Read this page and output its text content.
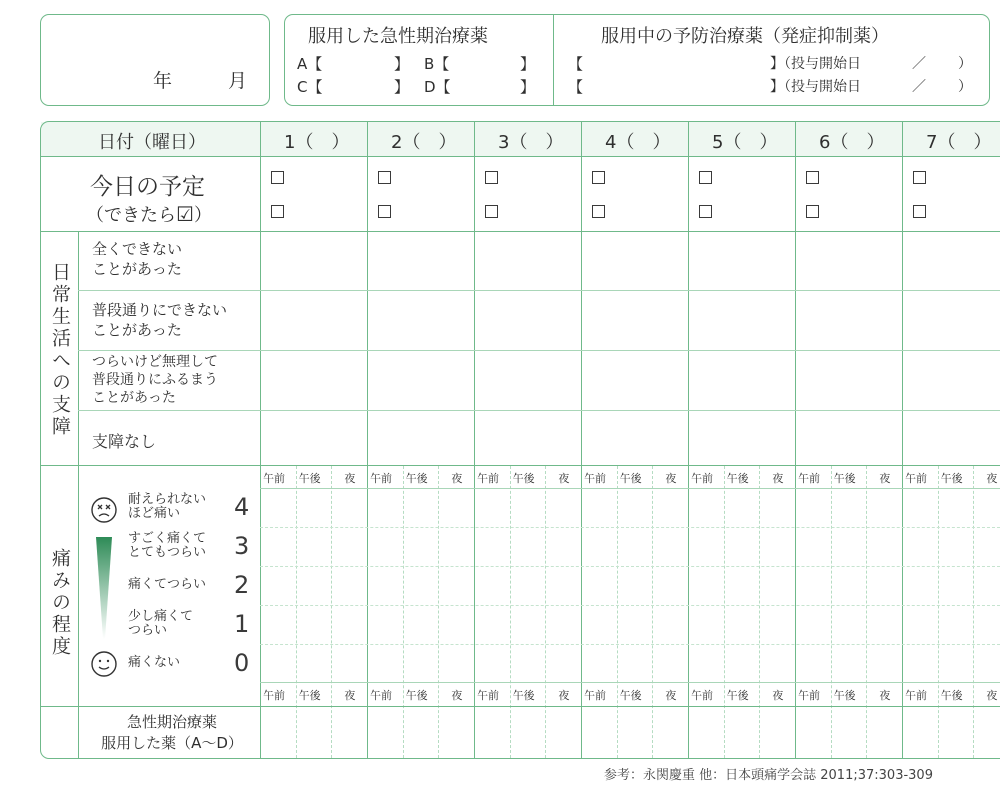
年	月
服用した急性期治療薬
A【	】 B【	】
C【	】 D【	】
服用中の予防治療薬（発症抑制薬）
【	】（投与開始日	／ ）
【	】（投与開始日	／ ）
日付（曜日）	1（　） 2（　） 3（　） 4（　） 5（　） 6（　） 7（　）
今日の予定
（できたら☑）
日常生活への支障
全くできない
ことがあった
普段通りにできない
ことがあった
つらいけど無理して
普段通りにふるまう
ことがあった
支障なし
痛みの程度
耐えられない
ほど痛い	4
すごく痛くて
とてもつらい 3
痛くてつらい 2
少し痛くて
つらい	1
痛くない 0
午前 午後 夜 午前 午後 夜 午前 午後 夜 午前 午後 夜 午前 午後 夜 午前 午後 夜 午前 午後 夜
午前 午後 夜 午前 午後 夜 午前 午後 夜 午前 午後 夜 午前 午後 夜 午前 午後 夜 午前 午後 夜
急性期治療薬
服用した薬（A〜D）
参考：永関慶重 他：日本頭痛学会誌 2011;37:303-309
